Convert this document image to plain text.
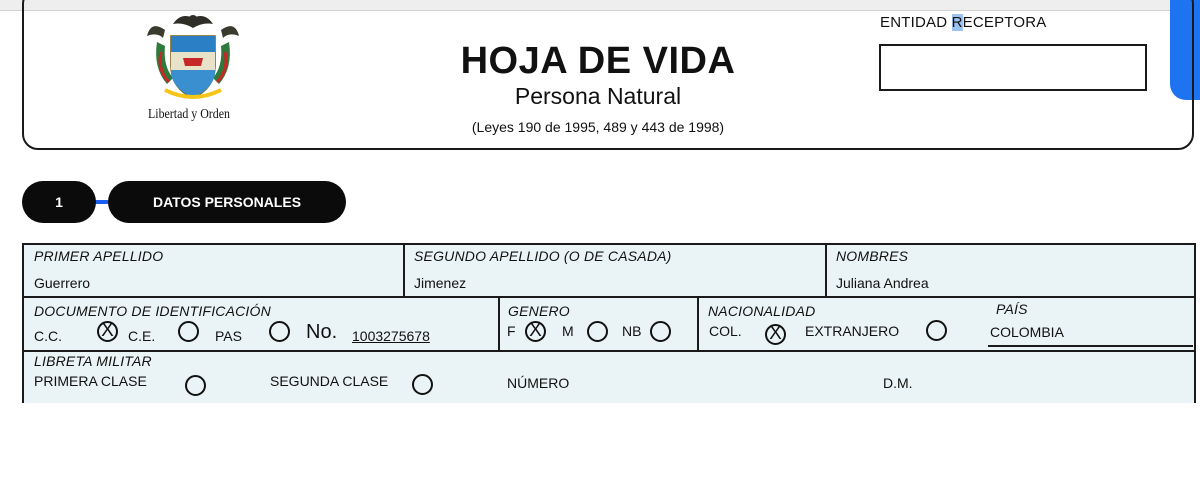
Libertad y Orden
HOJA DE VIDA
Persona Natural
(Leyes 190 de 1995, 489 y 443 de 1998)
ENTIDAD RECEPTORA
1	DATOS PERSONALES
PRIMER APELLIDO
Guerrero
SEGUNDO APELLIDO (O DE CASADA)
Jimenez
NOMBRES
Juliana Andrea
DOCUMENTO DE IDENTIFICACIÓN
C.C. X C.E.	PAS	No. 1003275678
GENERO
F X M	NB
NACIONALIDAD
COL. X EXTRANJERO
PAÍS
COLOMBIA
LIBRETA MILITAR
PRIMERA CLASE	SEGUNDA CLASE	NÚMERO	D.M.
